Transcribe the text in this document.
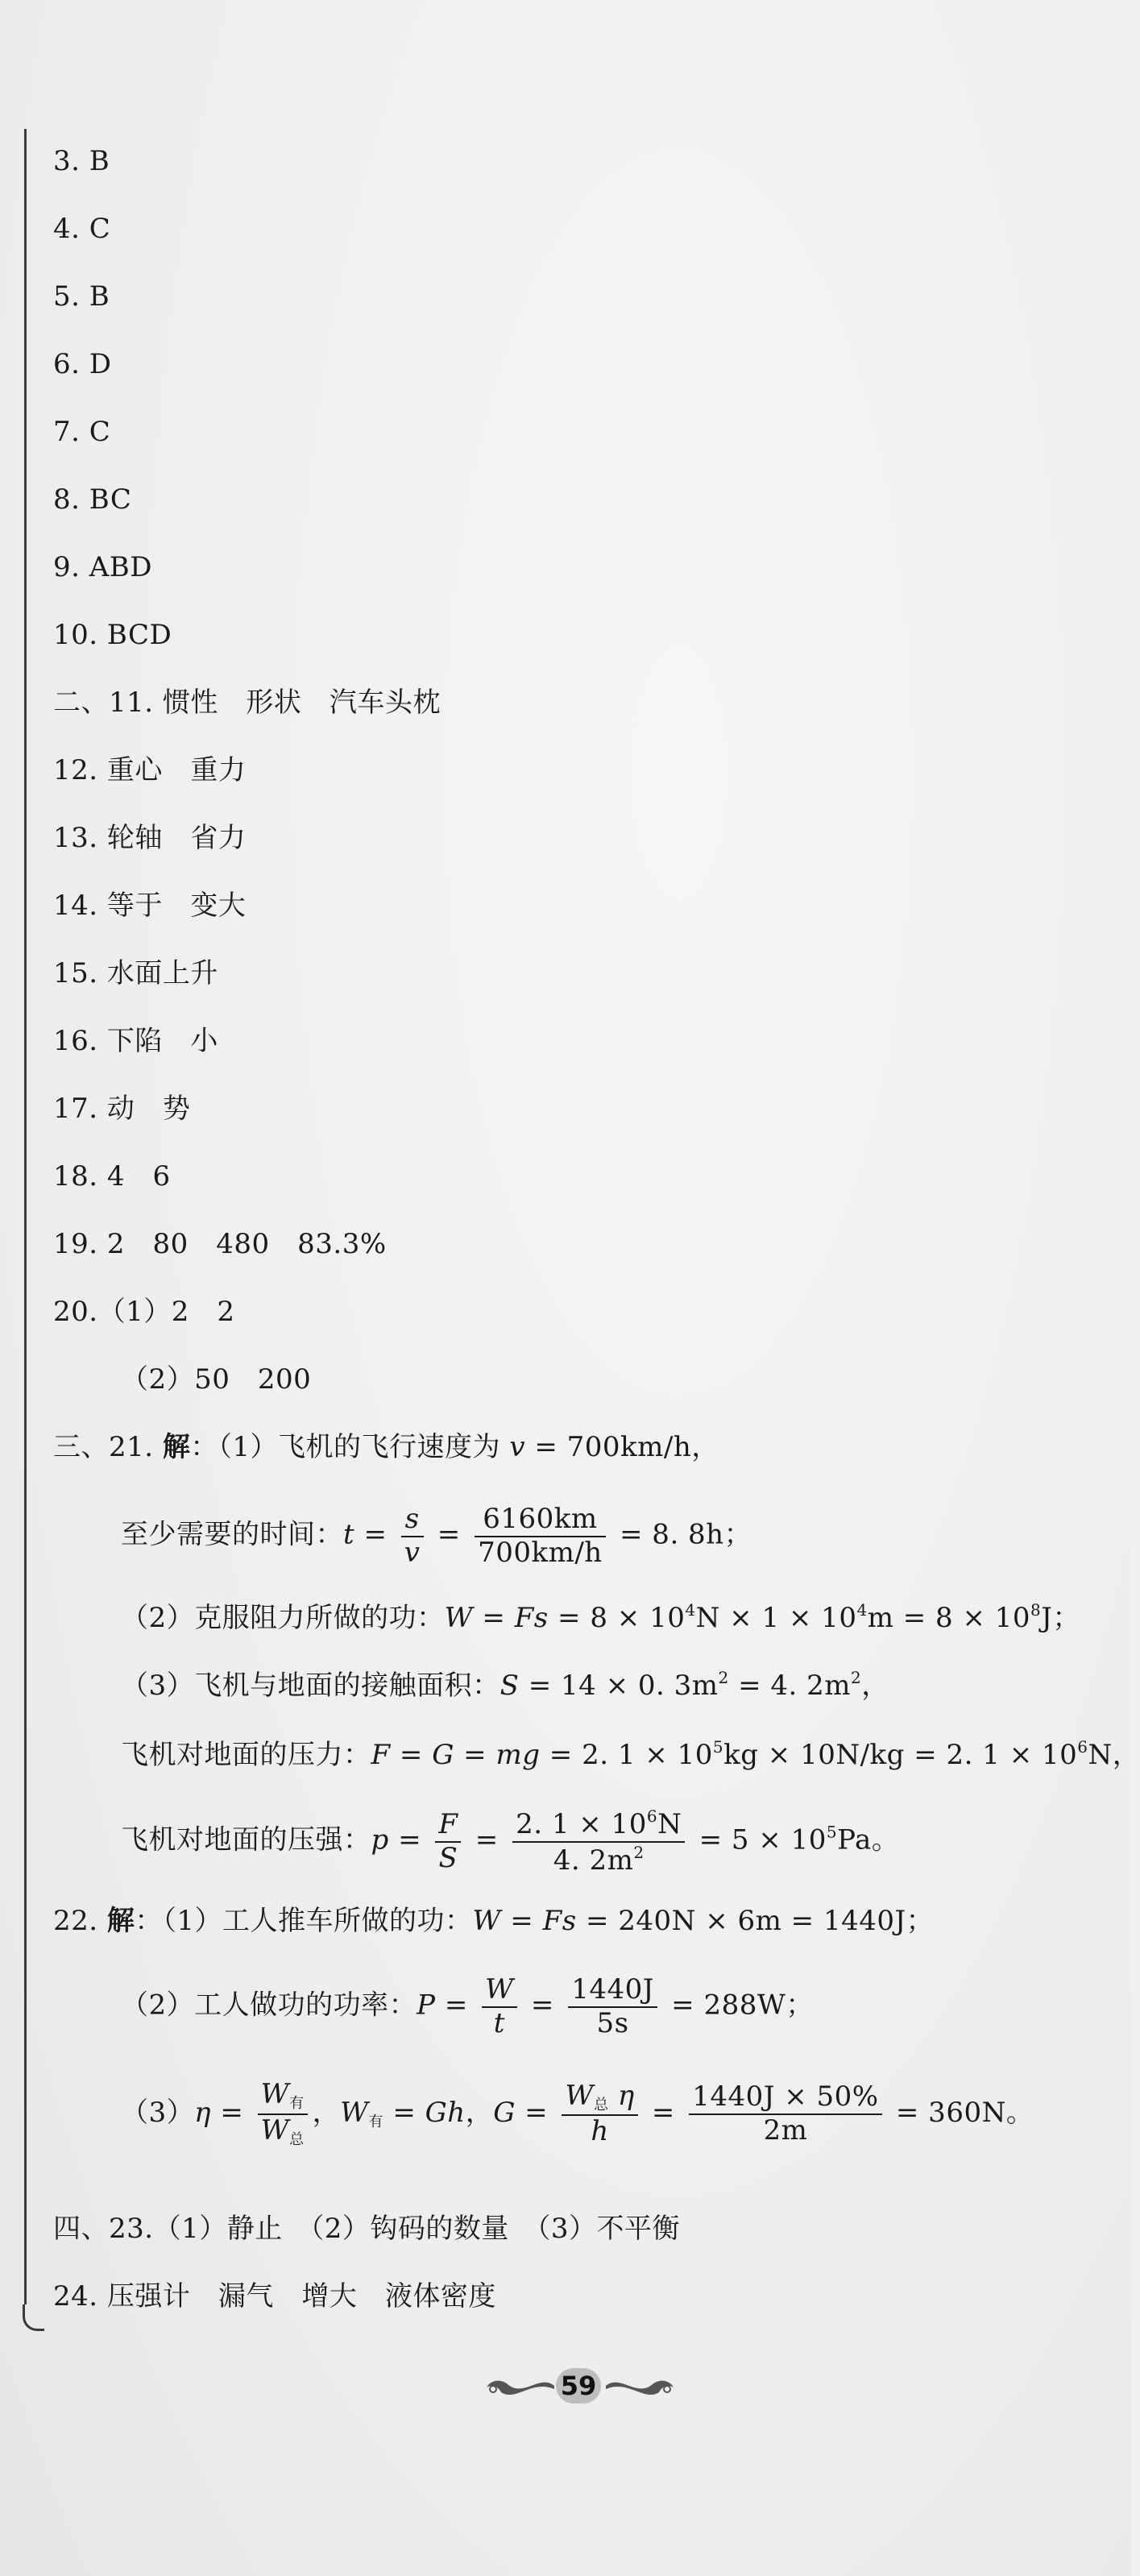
3. B
4. C
5. B
6. D
7. C
8. BC
9. ABD
10. BCD
二、11. 惯性　形状　汽车头枕
12. 重心　重力
13. 轮轴　省力
14. 等于　变大
15. 水面上升
16. 下陷　小
17. 动　势
18. 4　6
19. 2　80　480　83.3%
20.（1）2　2
（2）50　200
三、21. 解：（1）飞机的飞行速度为 v = 700km/h，
至少需要的时间：$t = \frac{s}{v} = \frac{6160km}{700km/h} = 8$. 8h；
（2）克服阻力所做的功：$W = Fs = 8 \times 10^4N \times 1 \times 10^4m = 8 \times 10^8J$；
（3）飞机与地面的接触面积：S = 14 × 0. $3m^2 = 4$. $2m^2$，
飞机对地面的压力：F = G = mg = 2. $1 \times 10^5kg \times 10N/kg = 2$. $1 \times 10^6N$，
飞机对地面的压强：$p = \frac{F}{S} = \frac{2. 1 \times 10^6N}{4. 2m^2} = 5 \times 10^5Pa$。
22. 解：（1）工人推车所做的功：W = Fs = 240N × 6m = 1440J；
（2）工人做功的功率：$P = \frac{W}{t} = \frac{1440J}{5s} = 288W$；
$(3)\eta = \frac{W_有}{W_总}$ ，$W_有 = Gh$，$G = \frac{W_总 \eta}{h} = \frac{1440J \times 50\%}{2m} = 360N$。
四、23.（1）静止　（2）钩码的数量　（3）不平衡
24. 压强计　漏气　增大　液体密度
59
